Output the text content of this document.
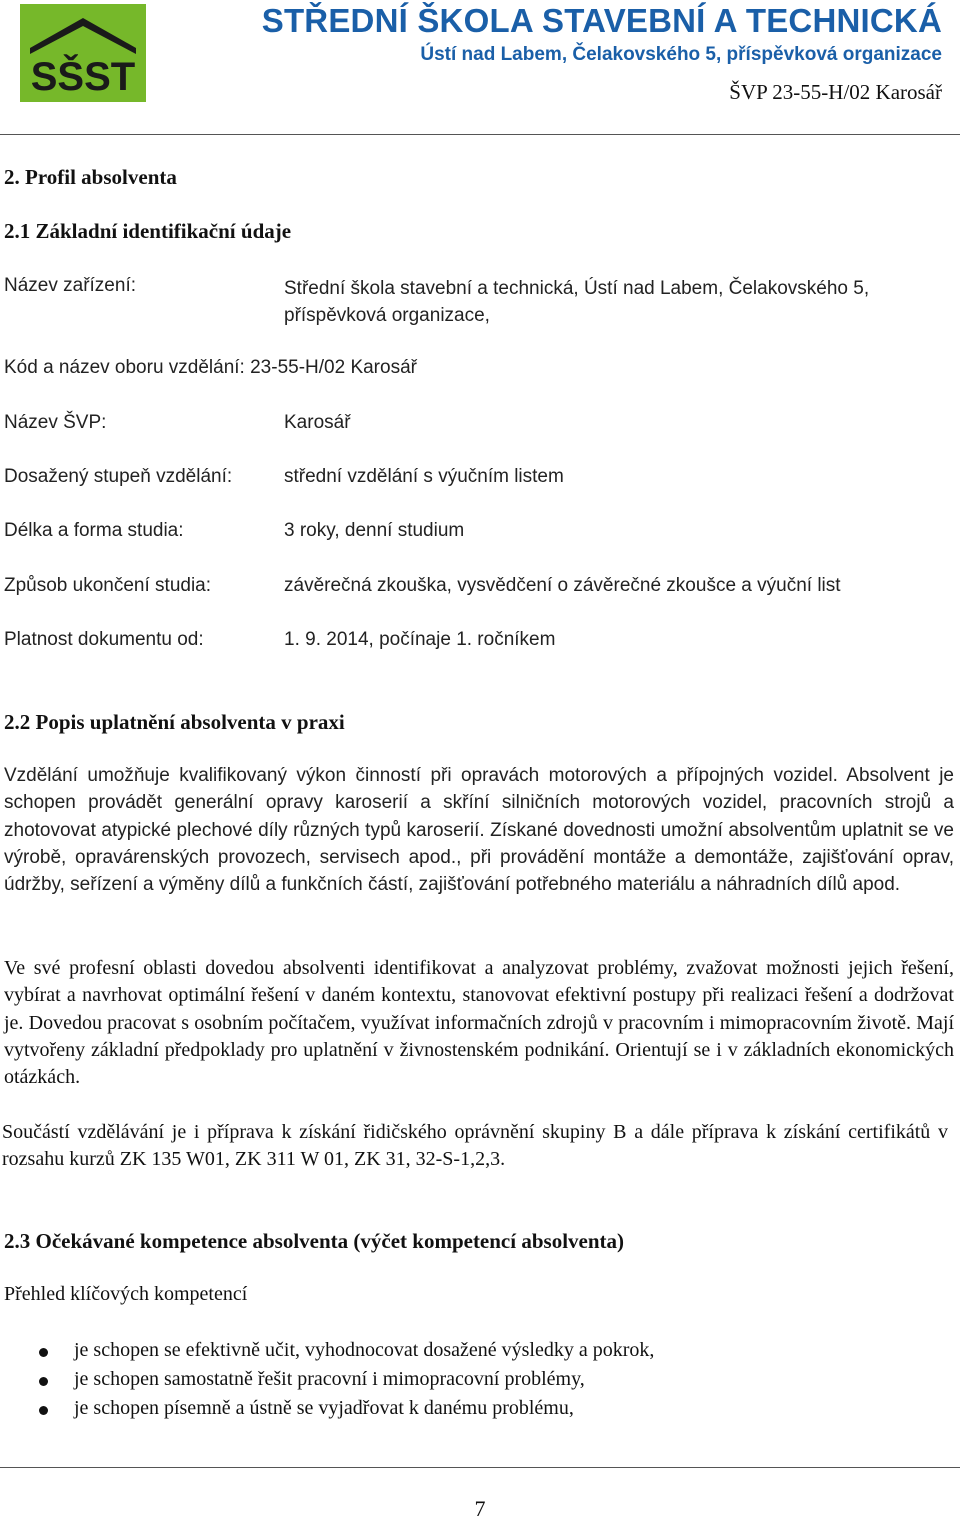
SŠST
STŘEDNÍ ŠKOLA STAVEBNÍ A TECHNICKÁ
Ústí nad Labem, Čelakovského 5, příspěvková organizace
ŠVP 23-55-H/02 Karosář
2. Profil absolventa
2.1 Základní identifikační údaje
Název zařízení:	Střední škola stavební a technická, Ústí nad Labem, Čelakovského 5, příspěvková organizace,
Kód a název oboru vzdělání: 23-55-H/02 Karosář
Název ŠVP:	Karosář
Dosažený stupeň vzdělání:	střední vzdělání s výučním listem
Délka a forma studia:	3 roky, denní studium
Způsob ukončení studia:	závěrečná zkouška, vysvědčení o závěrečné zkoušce a výuční list
Platnost dokumentu od:	1. 9. 2014, počínaje 1. ročníkem
2.2 Popis uplatnění absolventa v praxi
Vzdělání umožňuje kvalifikovaný výkon činností při opravách motorových a přípojných vozidel. Absolvent je schopen provádět generální opravy karoserií a skříní silničních motorových vozidel, pracovních strojů a zhotovovat atypické plechové díly různých typů karoserií. Získané dovednosti umožní absolventům uplatnit se ve výrobě, opravárenských provozech, servisech apod., při provádění montáže a demontáže, zajišťování oprav, údržby, seřízení a výměny dílů a funkčních částí, zajišťování potřebného materiálu a náhradních dílů apod.
Ve své profesní oblasti dovedou absolventi identifikovat a analyzovat problémy, zvažovat možnosti jejich řešení, vybírat a navrhovat optimální řešení v daném kontextu, stanovovat efektivní postupy při realizaci řešení a dodržovat je. Dovedou pracovat s osobním počítačem, využívat informačních zdrojů v pracovním i mimopracovním životě. Mají vytvořeny základní předpoklady pro uplatnění v živnostenském podnikání. Orientují se i v základních ekonomických otázkách.
Součástí vzdělávání je i příprava k získání řidičského oprávnění skupiny B a dále příprava k získání certifikátů v rozsahu kurzů ZK 135 W01, ZK 311 W 01, ZK 31, 32-S-1,2,3.
2.3 Očekávané kompetence absolventa (výčet kompetencí absolventa)
Přehled klíčových kompetencí
je schopen se efektivně učit, vyhodnocovat dosažené výsledky a pokrok,
je schopen samostatně řešit pracovní i mimopracovní problémy,
je schopen písemně a ústně se vyjadřovat k danému problému,
7
